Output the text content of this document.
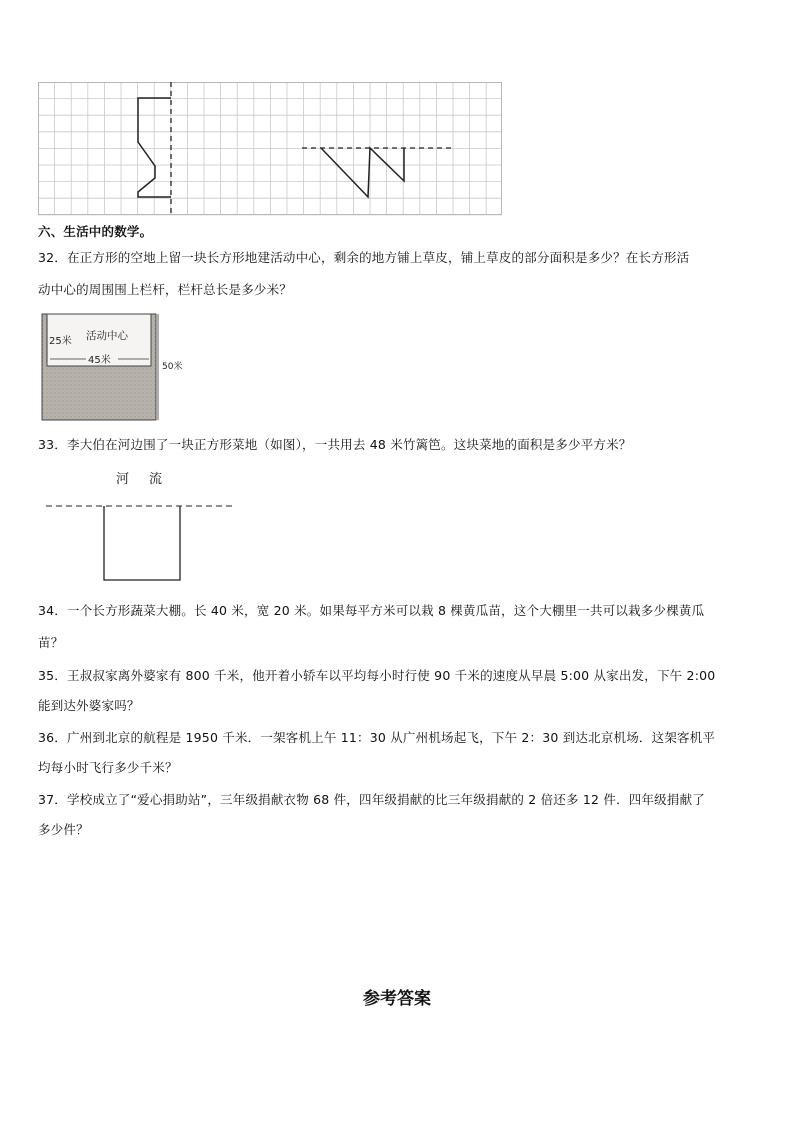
六、生活中的数学。
32．在正方形的空地上留一块长方形地建活动中心，剩余的地方铺上草皮，铺上草皮的部分面积是多少？在长方形活
动中心的周围围上栏杆，栏杆总长是多少米？
25米 活动中心
45米
50米
33．李大伯在河边围了一块正方形菜地（如图），一共用去 48 米竹篱笆。这块菜地的面积是多少平方米？
河 流
34．一个长方形蔬菜大棚。长 40 米，宽 20 米。如果每平方米可以栽 8 棵黄瓜苗，这个大棚里一共可以栽多少棵黄瓜
苗？
35．王叔叔家离外婆家有 800 千米，他开着小轿车以平均每小时行使 90 千米的速度从早晨 5:00 从家出发，下午 2:00
能到达外婆家吗？
36．广州到北京的航程是 1950 千米．一架客机上午 11：30 从广州机场起飞，下午 2：30 到达北京机场．这架客机平
均每小时飞行多少千米？
37．学校成立了“爱心捐助站”，三年级捐献衣物 68 件，四年级捐献的比三年级捐献的 2 倍还多 12 件．四年级捐献了
多少件？
参考答案
